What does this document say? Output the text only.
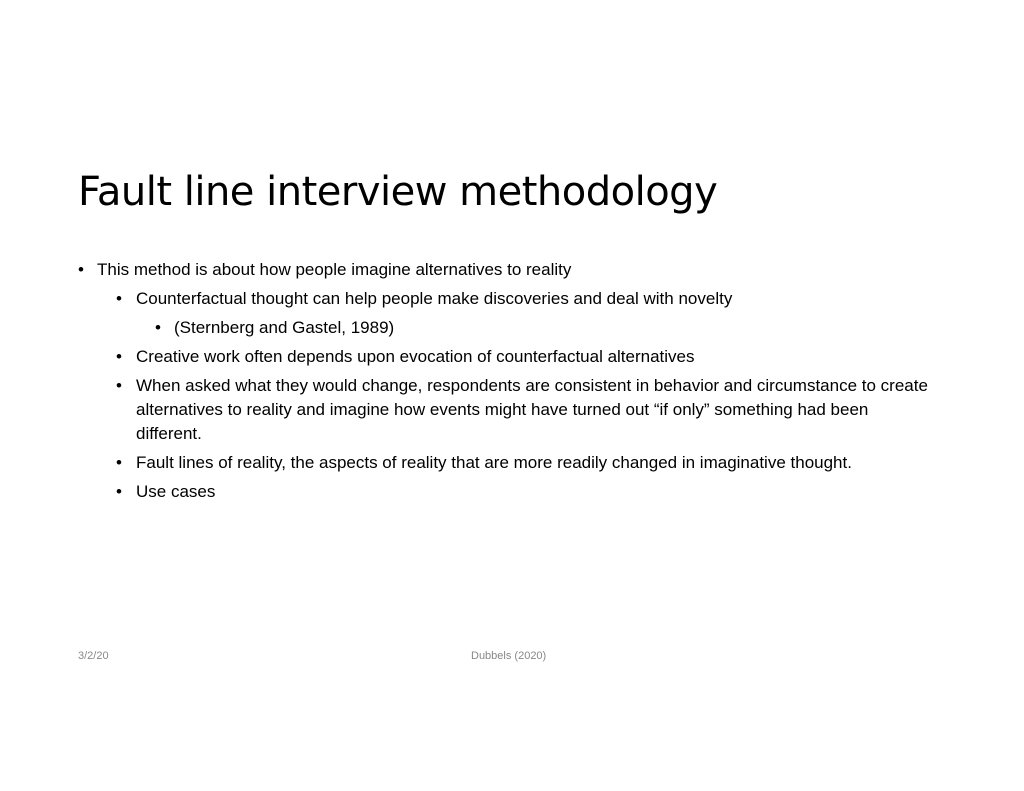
Fault line interview methodology
• This method is about how people imagine alternatives to reality
• Counterfactual thought can help people make discoveries and deal with novelty
• (Sternberg and Gastel, 1989)
• Creative work often depends upon evocation of counterfactual alternatives
• When asked what they would change, respondents are consistent in behavior and circumstance to create alternatives to reality and imagine how events might have turned out “if only” something had been different.
• Fault lines of reality, the aspects of reality that are more readily changed in imaginative thought.
• Use cases
3/2/20	Dubbels (2020)
